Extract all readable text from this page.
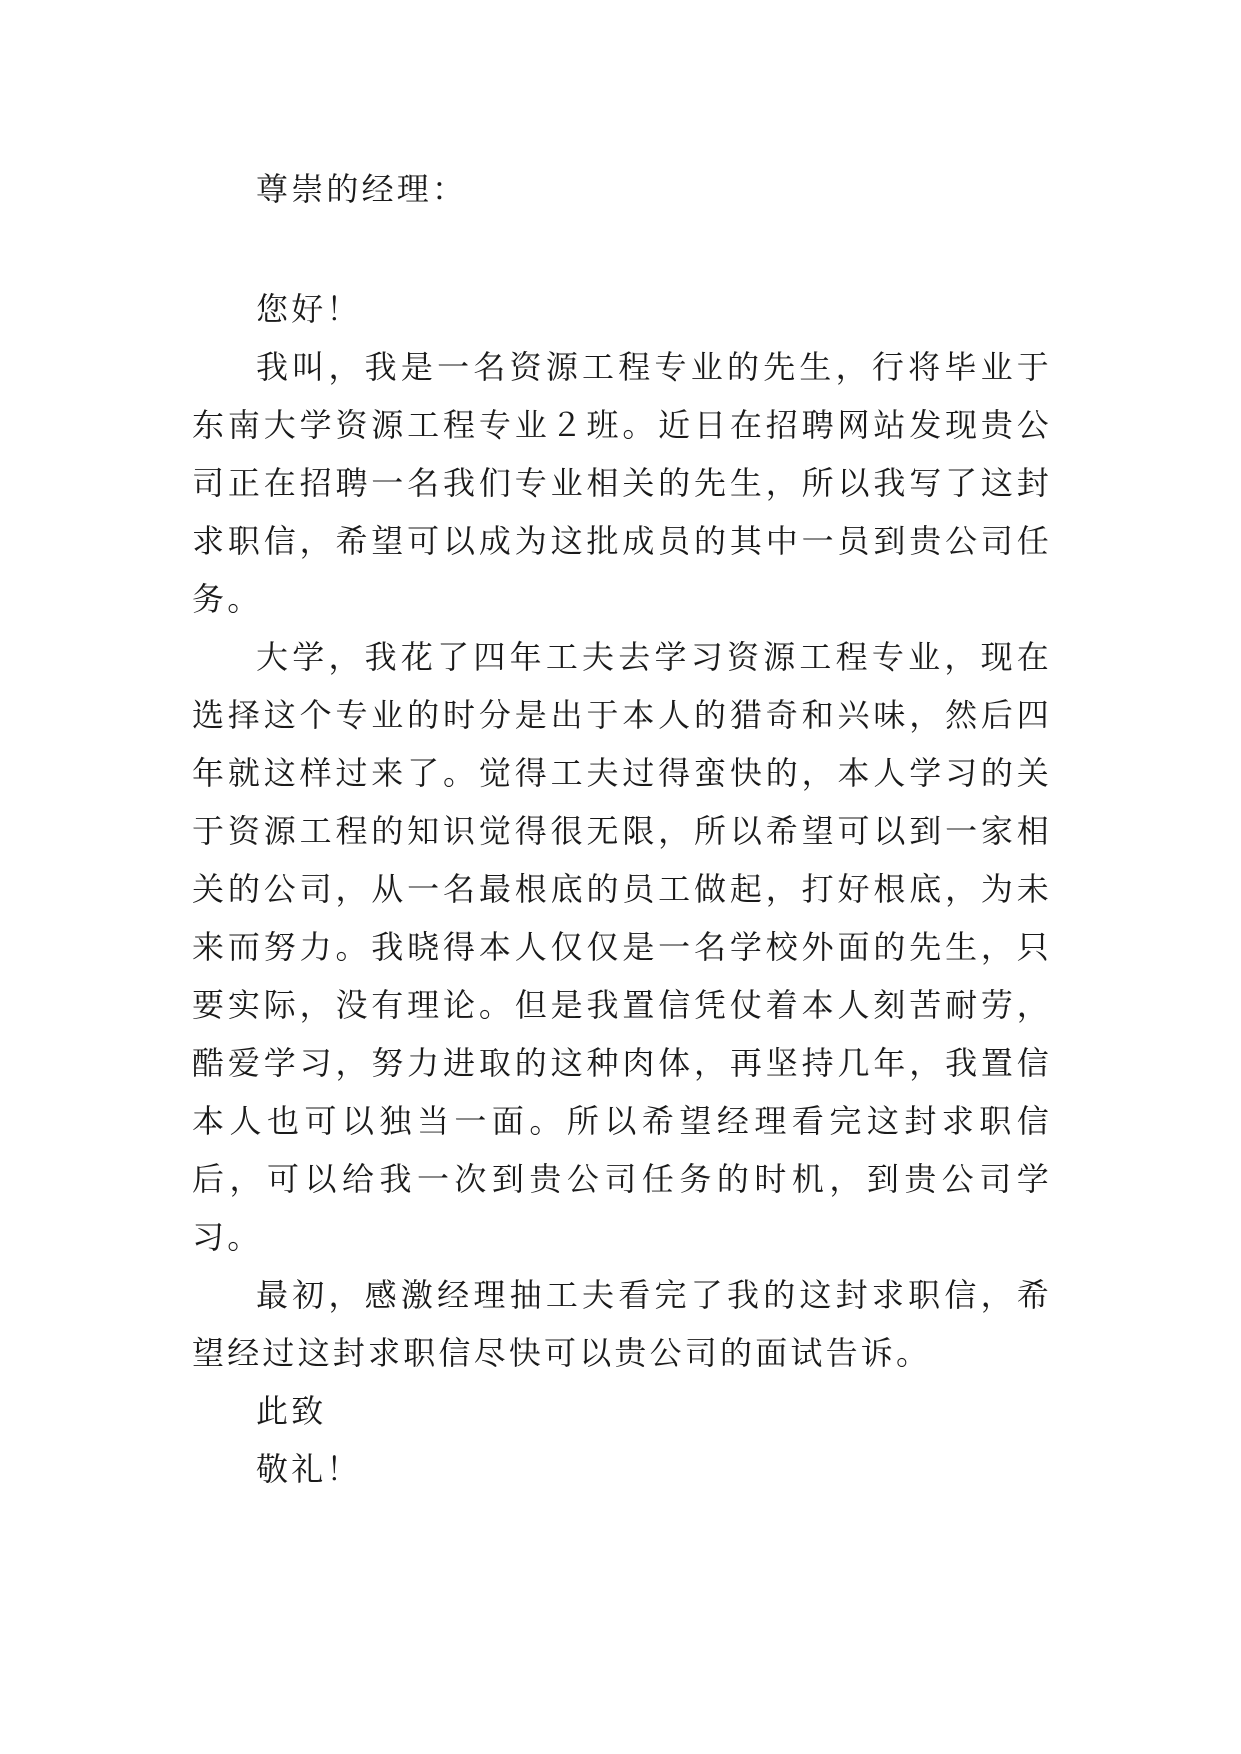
尊崇的经理：

您好！

我叫，我是一名资源工程专业的先生，行将毕业于东南大学资源工程专业２班。近日在招聘网站发现贵公司正在招聘一名我们专业相关的先生，所以我写了这封求职信，希望可以成为这批成员的其中一员到贵公司任务。

大学，我花了四年工夫去学习资源工程专业，现在选择这个专业的时分是出于本人的猎奇和兴味，然后四年就这样过来了。觉得工夫过得蛮快的，本人学习的关于资源工程的知识觉得很无限，所以希望可以到一家相关的公司，从一名最根底的员工做起，打好根底，为未来而努力。我晓得本人仅仅是一名学校外面的先生，只要实际，没有理论。但是我置信凭仗着本人刻苦耐劳，酷爱学习，努力进取的这种肉体，再坚持几年，我置信本人也可以独当一面。所以希望经理看完这封求职信后，可以给我一次到贵公司任务的时机，到贵公司学习。

最初，感激经理抽工夫看完了我的这封求职信，希望经过这封求职信尽快可以贵公司的面试告诉。

此致

敬礼！
